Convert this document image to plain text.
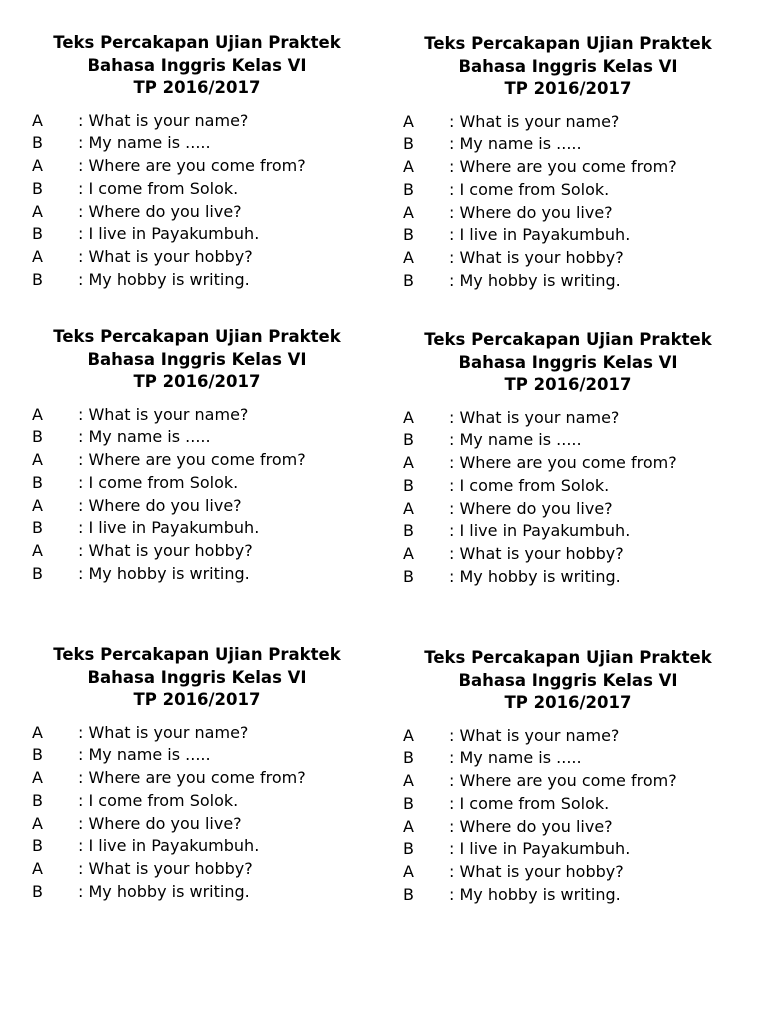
Teks Percakapan Ujian Praktek
Bahasa Inggris Kelas VI
TP 2016/2017
A	: What is your name?
B	: My name is .....
A	: Where are you come from?
B	: I come from Solok.
A	: Where do you live?
B	: I live in Payakumbuh.
A	: What is your hobby?
B	: My hobby is writing.
Teks Percakapan Ujian Praktek
Bahasa Inggris Kelas VI
TP 2016/2017
A	: What is your name?
B	: My name is .....
A	: Where are you come from?
B	: I come from Solok.
A	: Where do you live?
B	: I live in Payakumbuh.
A	: What is your hobby?
B	: My hobby is writing.
Teks Percakapan Ujian Praktek
Bahasa Inggris Kelas VI
TP 2016/2017
A	: What is your name?
B	: My name is .....
A	: Where are you come from?
B	: I come from Solok.
A	: Where do you live?
B	: I live in Payakumbuh.
A	: What is your hobby?
B	: My hobby is writing.
Teks Percakapan Ujian Praktek
Bahasa Inggris Kelas VI
TP 2016/2017
A	: What is your name?
B	: My name is .....
A	: Where are you come from?
B	: I come from Solok.
A	: Where do you live?
B	: I live in Payakumbuh.
A	: What is your hobby?
B	: My hobby is writing.
Teks Percakapan Ujian Praktek
Bahasa Inggris Kelas VI
TP 2016/2017
A	: What is your name?
B	: My name is .....
A	: Where are you come from?
B	: I come from Solok.
A	: Where do you live?
B	: I live in Payakumbuh.
A	: What is your hobby?
B	: My hobby is writing.
Teks Percakapan Ujian Praktek
Bahasa Inggris Kelas VI
TP 2016/2017
A	: What is your name?
B	: My name is .....
A	: Where are you come from?
B	: I come from Solok.
A	: Where do you live?
B	: I live in Payakumbuh.
A	: What is your hobby?
B	: My hobby is writing.
